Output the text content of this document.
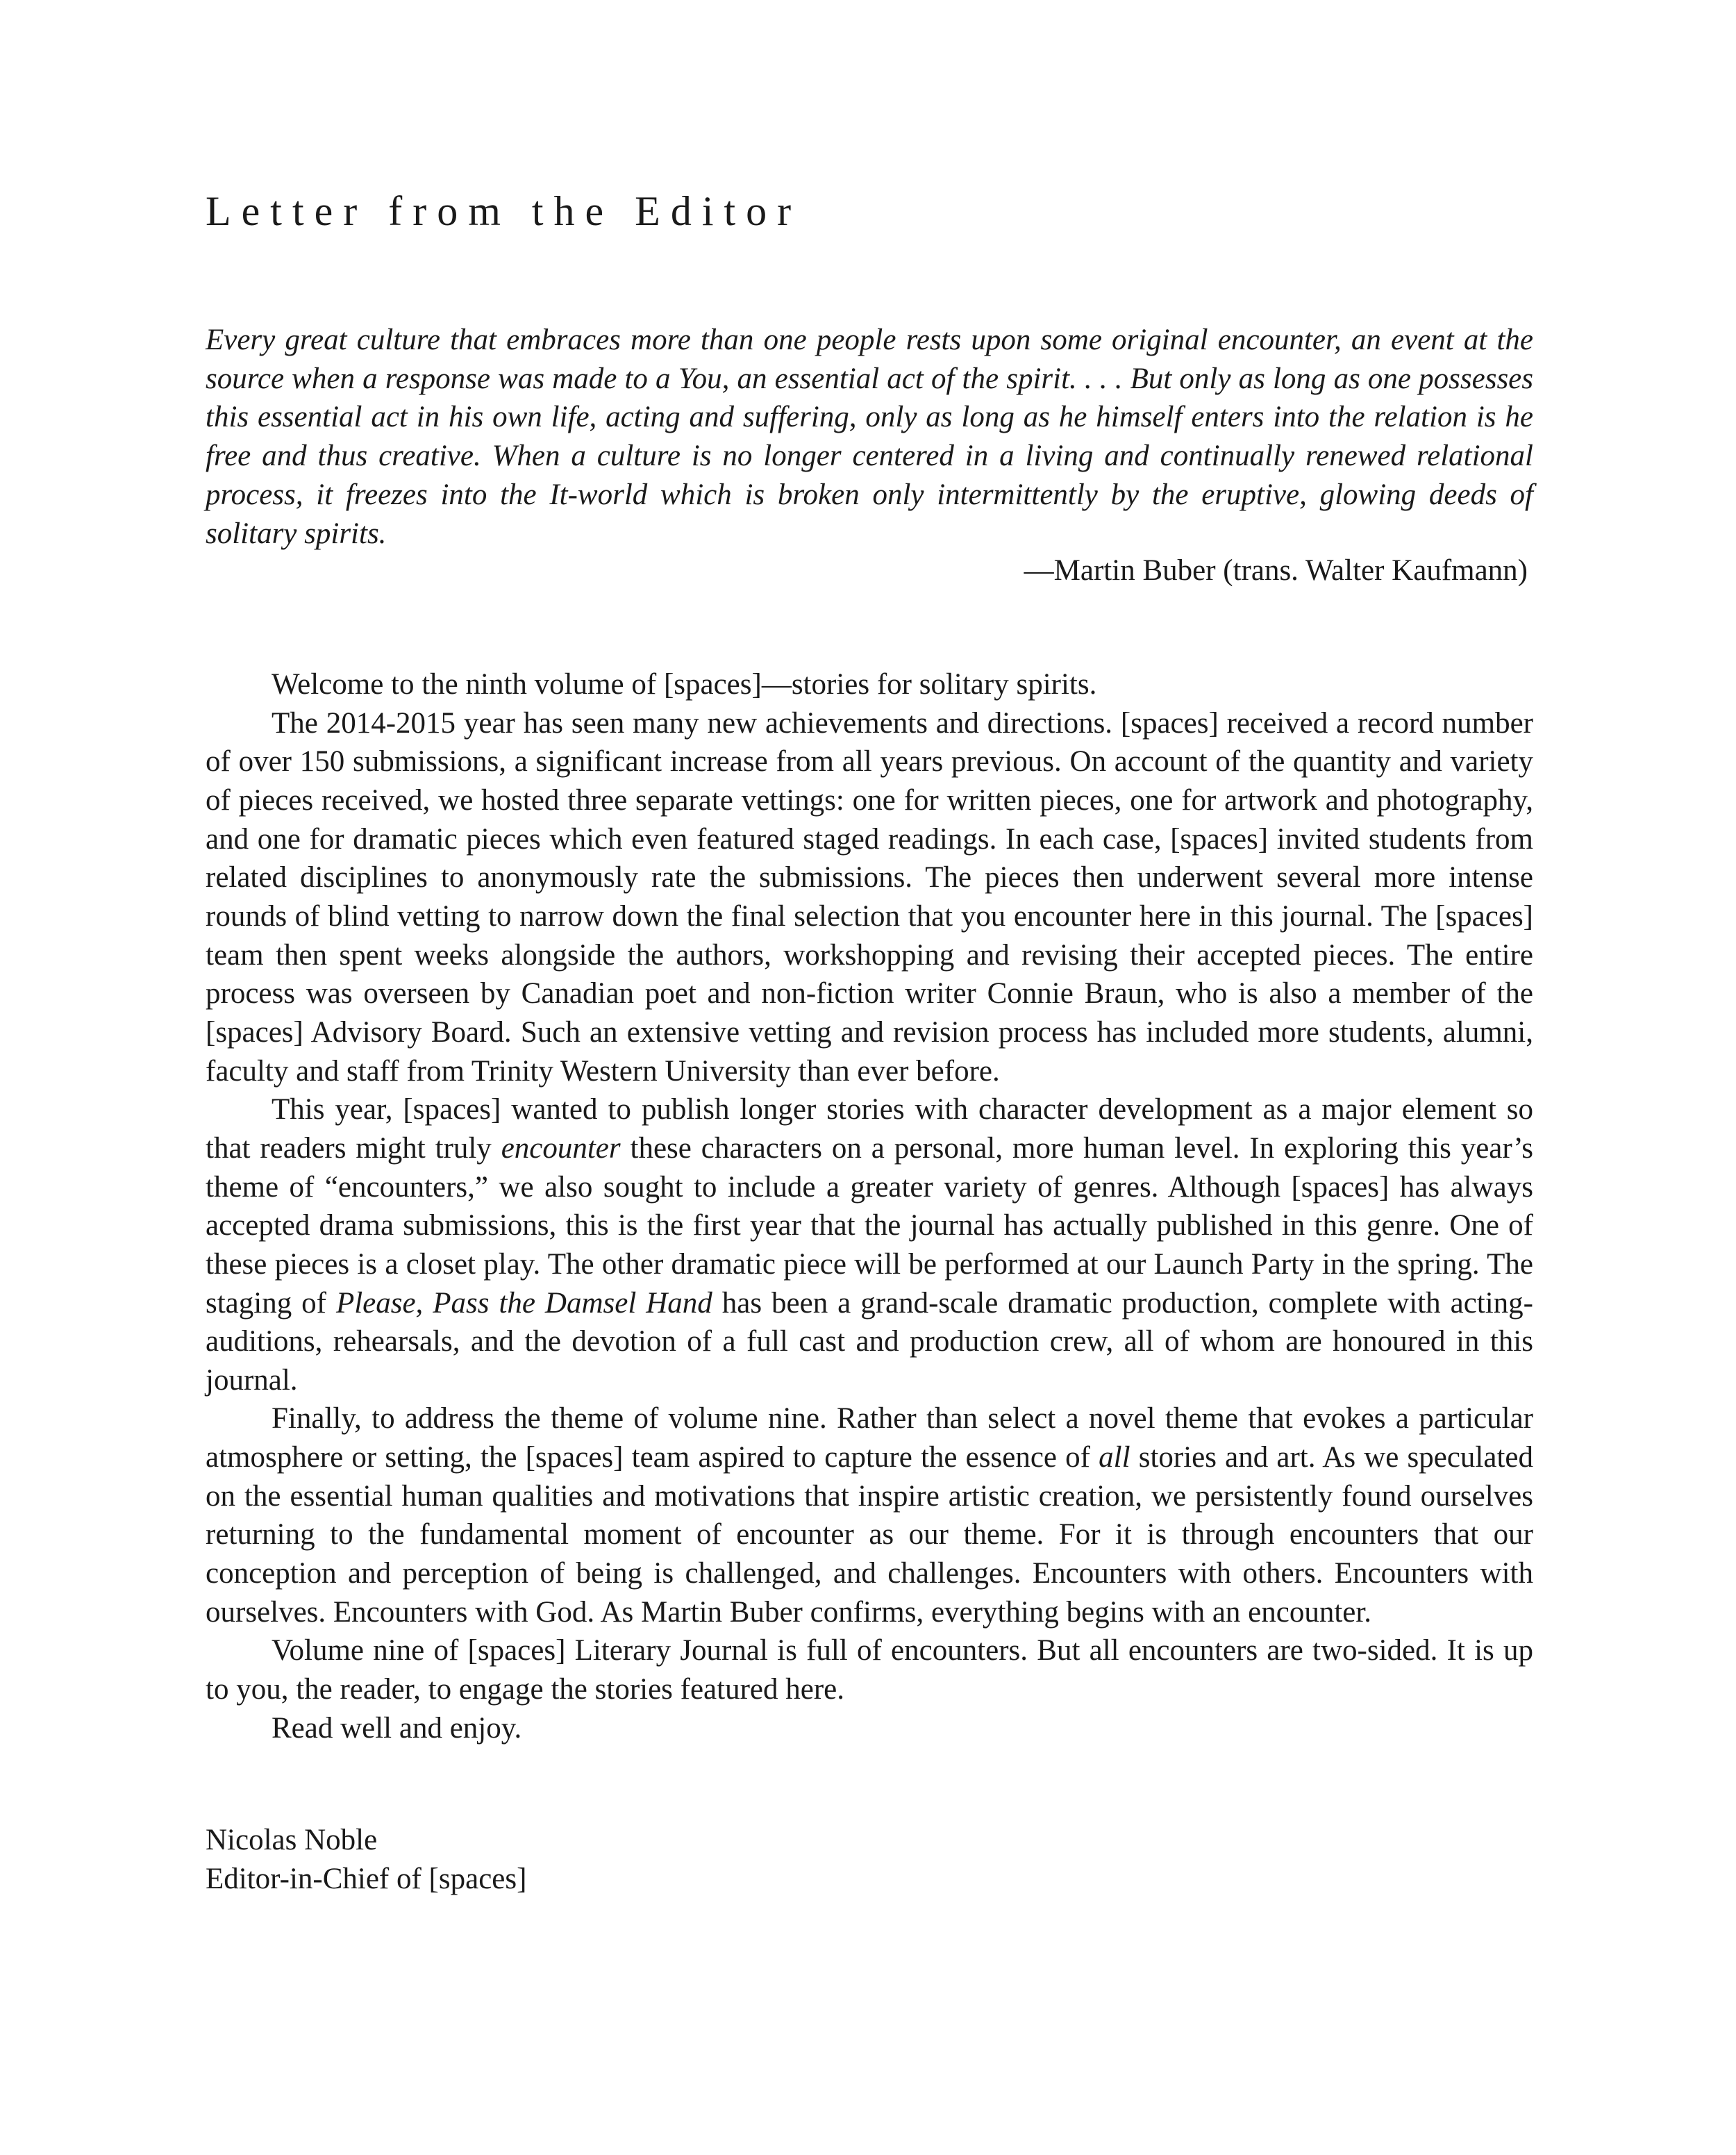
Letter from the Editor

Every great culture that embraces more than one people rests upon some original encounter, an event at the source when a response was made to a You, an essential act of the spirit. . . . But only as long as one possesses this essential act in his own life, acting and suffering, only as long as he himself enters into the relation is he free and thus creative. When a culture is no longer centered in a living and continually renewed relational process, it freezes into the It-world which is broken only intermittently by the eruptive, glowing deeds of solitary spirits.

—Martin Buber (trans. Walter Kaufmann)

Welcome to the ninth volume of [spaces]—stories for solitary spirits.

The 2014-2015 year has seen many new achievements and directions. [spaces] received a record number of over 150 submissions, a significant increase from all years previous. On account of the quantity and variety of pieces received, we hosted three separate vettings: one for written pieces, one for artwork and photography, and one for dramatic pieces which even featured staged readings. In each case, [spaces] invited students from related disciplines to anonymously rate the submissions. The pieces then underwent several more intense rounds of blind vetting to narrow down the final selection that you encounter here in this journal. The [spaces] team then spent weeks alongside the authors, workshopping and revising their accepted pieces. The entire process was overseen by Canadian poet and non-fiction writer Connie Braun, who is also a member of the [spaces] Advisory Board. Such an extensive vetting and revision process has included more students, alumni, faculty and staff from Trinity Western University than ever before.

This year, [spaces] wanted to publish longer stories with character development as a major element so that readers might truly encounter these characters on a personal, more human level. In exploring this year’s theme of “encounters,” we also sought to include a greater variety of genres. Although [spaces] has always accepted drama submissions, this is the first year that the journal has actually published in this genre. One of these pieces is a closet play. The other dramatic piece will be performed at our Launch Party in the spring. The staging of Please, Pass the Damsel Hand has been a grand-scale dramatic production, complete with acting-auditions, rehearsals, and the devotion of a full cast and production crew, all of whom are honoured in this journal.

Finally, to address the theme of volume nine. Rather than select a novel theme that evokes a particular atmosphere or setting, the [spaces] team aspired to capture the essence of all stories and art. As we speculated on the essential human qualities and motivations that inspire artistic creation, we persistently found ourselves returning to the fundamental moment of encounter as our theme. For it is through encounters that our conception and perception of being is challenged, and challenges. Encounters with others. Encounters with ourselves. Encounters with God. As Martin Buber confirms, everything begins with an encounter.

Volume nine of [spaces] Literary Journal is full of encounters. But all encounters are two-sided. It is up to you, the reader, to engage the stories featured here.

Read well and enjoy.

Nicolas Noble
Editor-in-Chief of [spaces]
